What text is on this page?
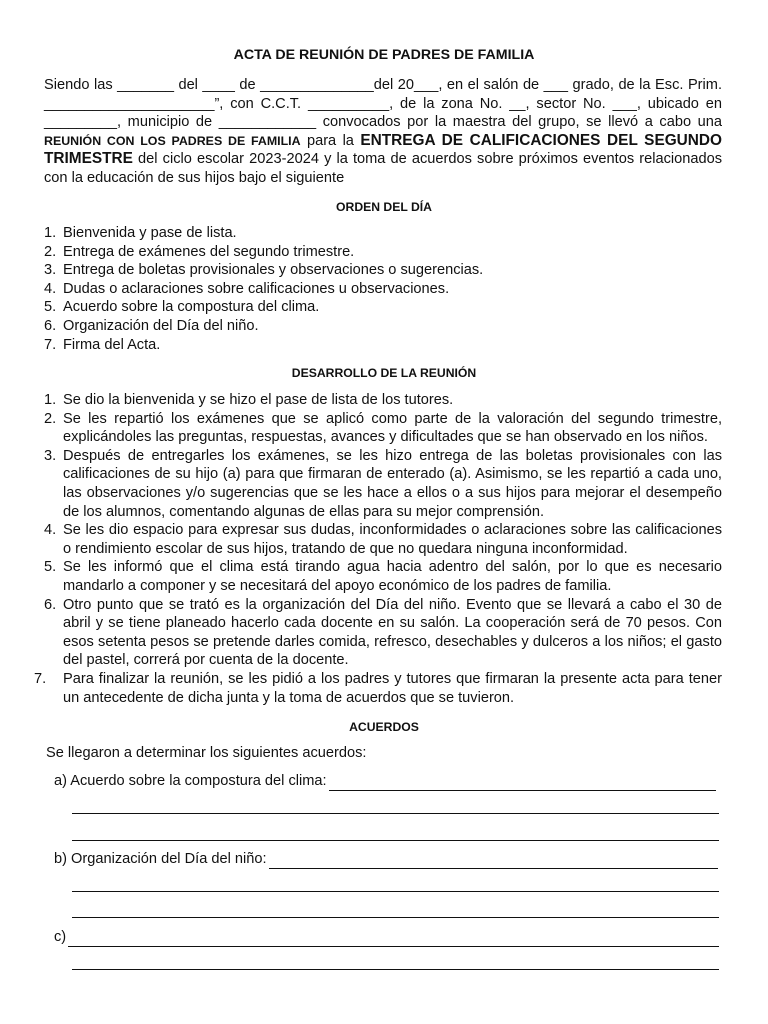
ACTA DE REUNIÓN DE PADRES DE FAMILIA

Siendo las _______ del ____ de ______________del 20___, en el salón de ___ grado, de la Esc. Prim. _____________________”, con C.C.T. __________, de la zona No. __, sector No. ___, ubicado en _________, municipio de ____________ convocados por la maestra del grupo, se llevó a cabo una REUNIÓN CON LOS PADRES DE FAMILIA para la ENTREGA DE CALIFICACIONES DEL SEGUNDO TRIMESTRE del ciclo escolar 2023-2024 y la toma de acuerdos sobre próximos eventos relacionados con la educación de sus hijos bajo el siguiente

ORDEN DEL DÍA
1. Bienvenida y pase de lista.
2. Entrega de exámenes del segundo trimestre.
3. Entrega de boletas provisionales y observaciones o sugerencias.
4. Dudas o aclaraciones sobre calificaciones u observaciones.
5. Acuerdo sobre la compostura del clima.
6. Organización del Día del niño.
7. Firma del Acta.
DESARROLLO DE LA REUNIÓN
1. Se dio la bienvenida y se hizo el pase de lista de los tutores.
2. Se les repartió los exámenes que se aplicó como parte de la valoración del segundo trimestre, explicándoles las preguntas, respuestas, avances y dificultades que se han observado en los niños.
3. Después de entregarles los exámenes, se les hizo entrega de las boletas provisionales con las calificaciones de su hijo (a) para que firmaran de enterado (a). Asimismo, se les repartió a cada uno, las observaciones y/o sugerencias que se les hace a ellos o a sus hijos para mejorar el desempeño de los alumnos, comentando algunas de ellas para su mejor comprensión.
4. Se les dio espacio para expresar sus dudas, inconformidades o aclaraciones sobre las calificaciones o rendimiento escolar de sus hijos, tratando de que no quedara ninguna inconformidad.
5. Se les informó que el clima está tirando agua hacia adentro del salón, por lo que es necesario mandarlo a componer y se necesitará del apoyo económico de los padres de familia.
6. Otro punto que se trató es la organización del Día del niño. Evento que se llevará a cabo el 30 de abril y se tiene planeado hacerlo cada docente en su salón. La cooperación será de 70 pesos. Con esos setenta pesos se pretende darles comida, refresco, desechables y dulceros a los niños; el gasto del pastel, correrá por cuenta de la docente.
7. Para finalizar la reunión, se les pidió a los padres y tutores que firmaran la presente acta para tener un antecedente de dicha junta y la toma de acuerdos que se tuvieron.
ACUERDOS
Se llegaron a determinar los siguientes acuerdos:
a) Acuerdo sobre la compostura del clima:
b) Organización del Día del niño:
c)
